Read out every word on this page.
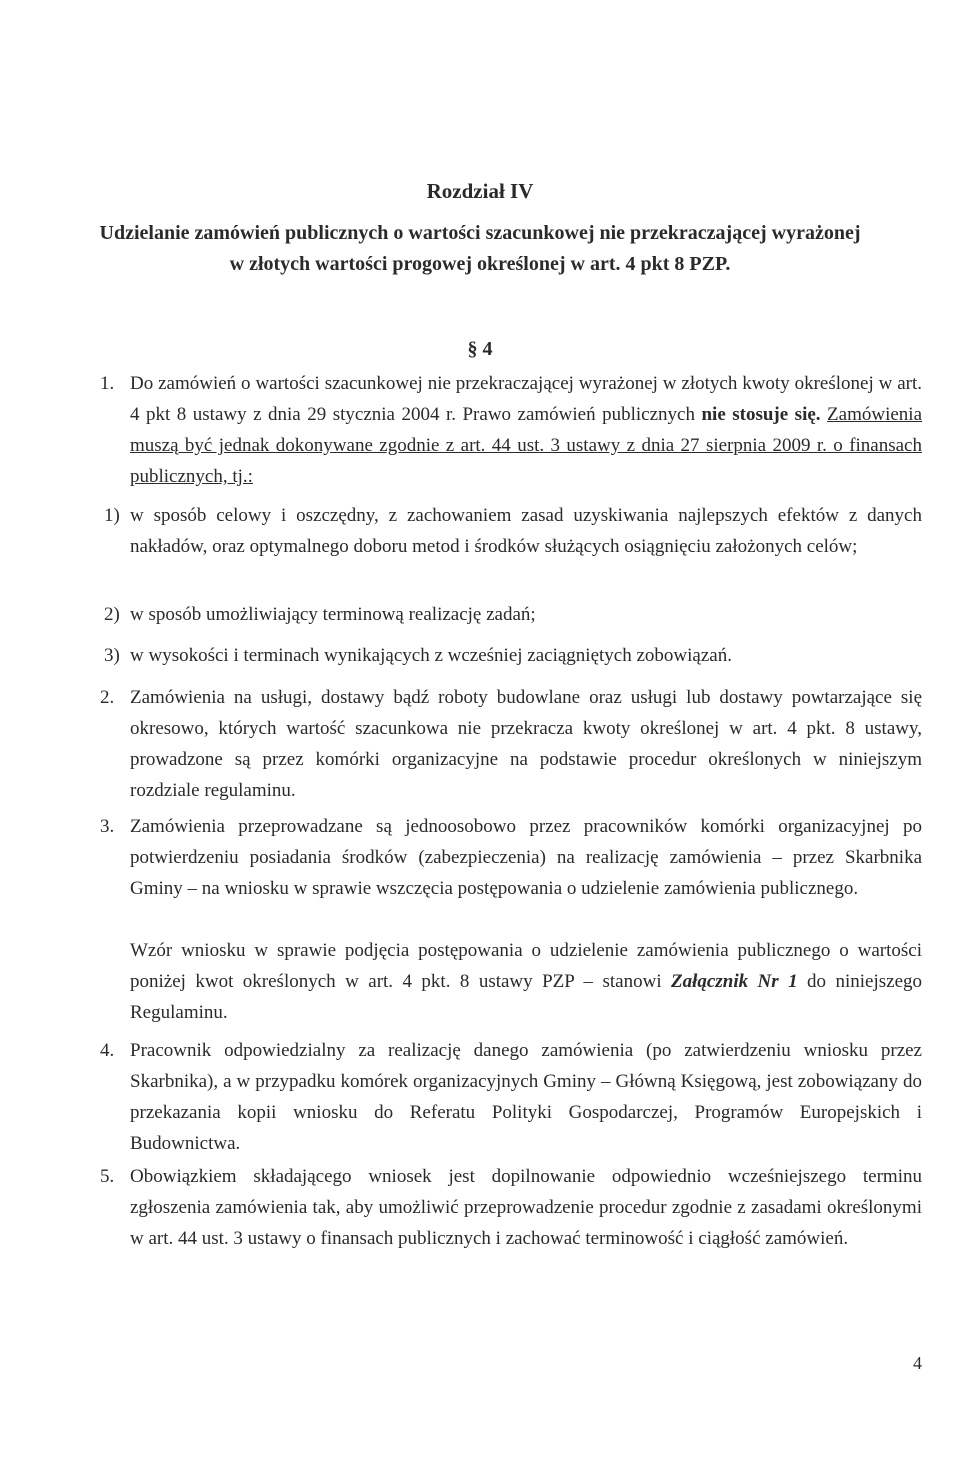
Rozdział IV
Udzielanie zamówień publicznych o wartości szacunkowej nie przekraczającej wyrażonej
w złotych wartości progowej określonej w art. 4 pkt 8 PZP.
§ 4
1. Do zamówień o wartości szacunkowej nie przekraczającej wyrażonej w złotych kwoty określonej w art. 4 pkt 8 ustawy z dnia 29 stycznia 2004 r. Prawo zamówień publicznych nie stosuje się. Zamówienia muszą być jednak dokonywane zgodnie z art. 44 ust. 3 ustawy z dnia 27 sierpnia 2009 r. o finansach publicznych, tj.:
1) w sposób celowy i oszczędny, z zachowaniem zasad uzyskiwania najlepszych efektów z danych nakładów, oraz optymalnego doboru metod i środków służących osiągnięciu założonych celów;
2) w sposób umożliwiający terminową realizację zadań;
3) w wysokości i terminach wynikających z wcześniej zaciągniętych zobowiązań.
2. Zamówienia na usługi, dostawy bądź roboty budowlane oraz usługi lub dostawy powtarzające się okresowo, których wartość szacunkowa nie przekracza kwoty określonej w art. 4 pkt. 8 ustawy, prowadzone są przez komórki organizacyjne na podstawie procedur określonych w niniejszym rozdziale regulaminu.
3. Zamówienia przeprowadzane są jednoosobowo przez pracowników komórki organizacyjnej po potwierdzeniu posiadania środków (zabezpieczenia) na realizację zamówienia – przez Skarbnika Gminy – na wniosku w sprawie wszczęcia postępowania o udzielenie zamówienia publicznego.
Wzór wniosku w sprawie podjęcia postępowania o udzielenie zamówienia publicznego o wartości poniżej kwot określonych w art. 4 pkt. 8 ustawy PZP – stanowi Załącznik Nr 1 do niniejszego Regulaminu.
4. Pracownik odpowiedzialny za realizację danego zamówienia (po zatwierdzeniu wniosku przez Skarbnika), a w przypadku komórek organizacyjnych Gminy – Główną Księgową, jest zobowiązany do przekazania kopii wniosku do Referatu Polityki Gospodarczej, Programów Europejskich i Budownictwa.
5. Obowiązkiem składającego wniosek jest dopilnowanie odpowiednio wcześniejszego terminu zgłoszenia zamówienia tak, aby umożliwić przeprowadzenie procedur zgodnie z zasadami określonymi w art. 44 ust. 3 ustawy o finansach publicznych i zachować terminowość i ciągłość zamówień.
4
